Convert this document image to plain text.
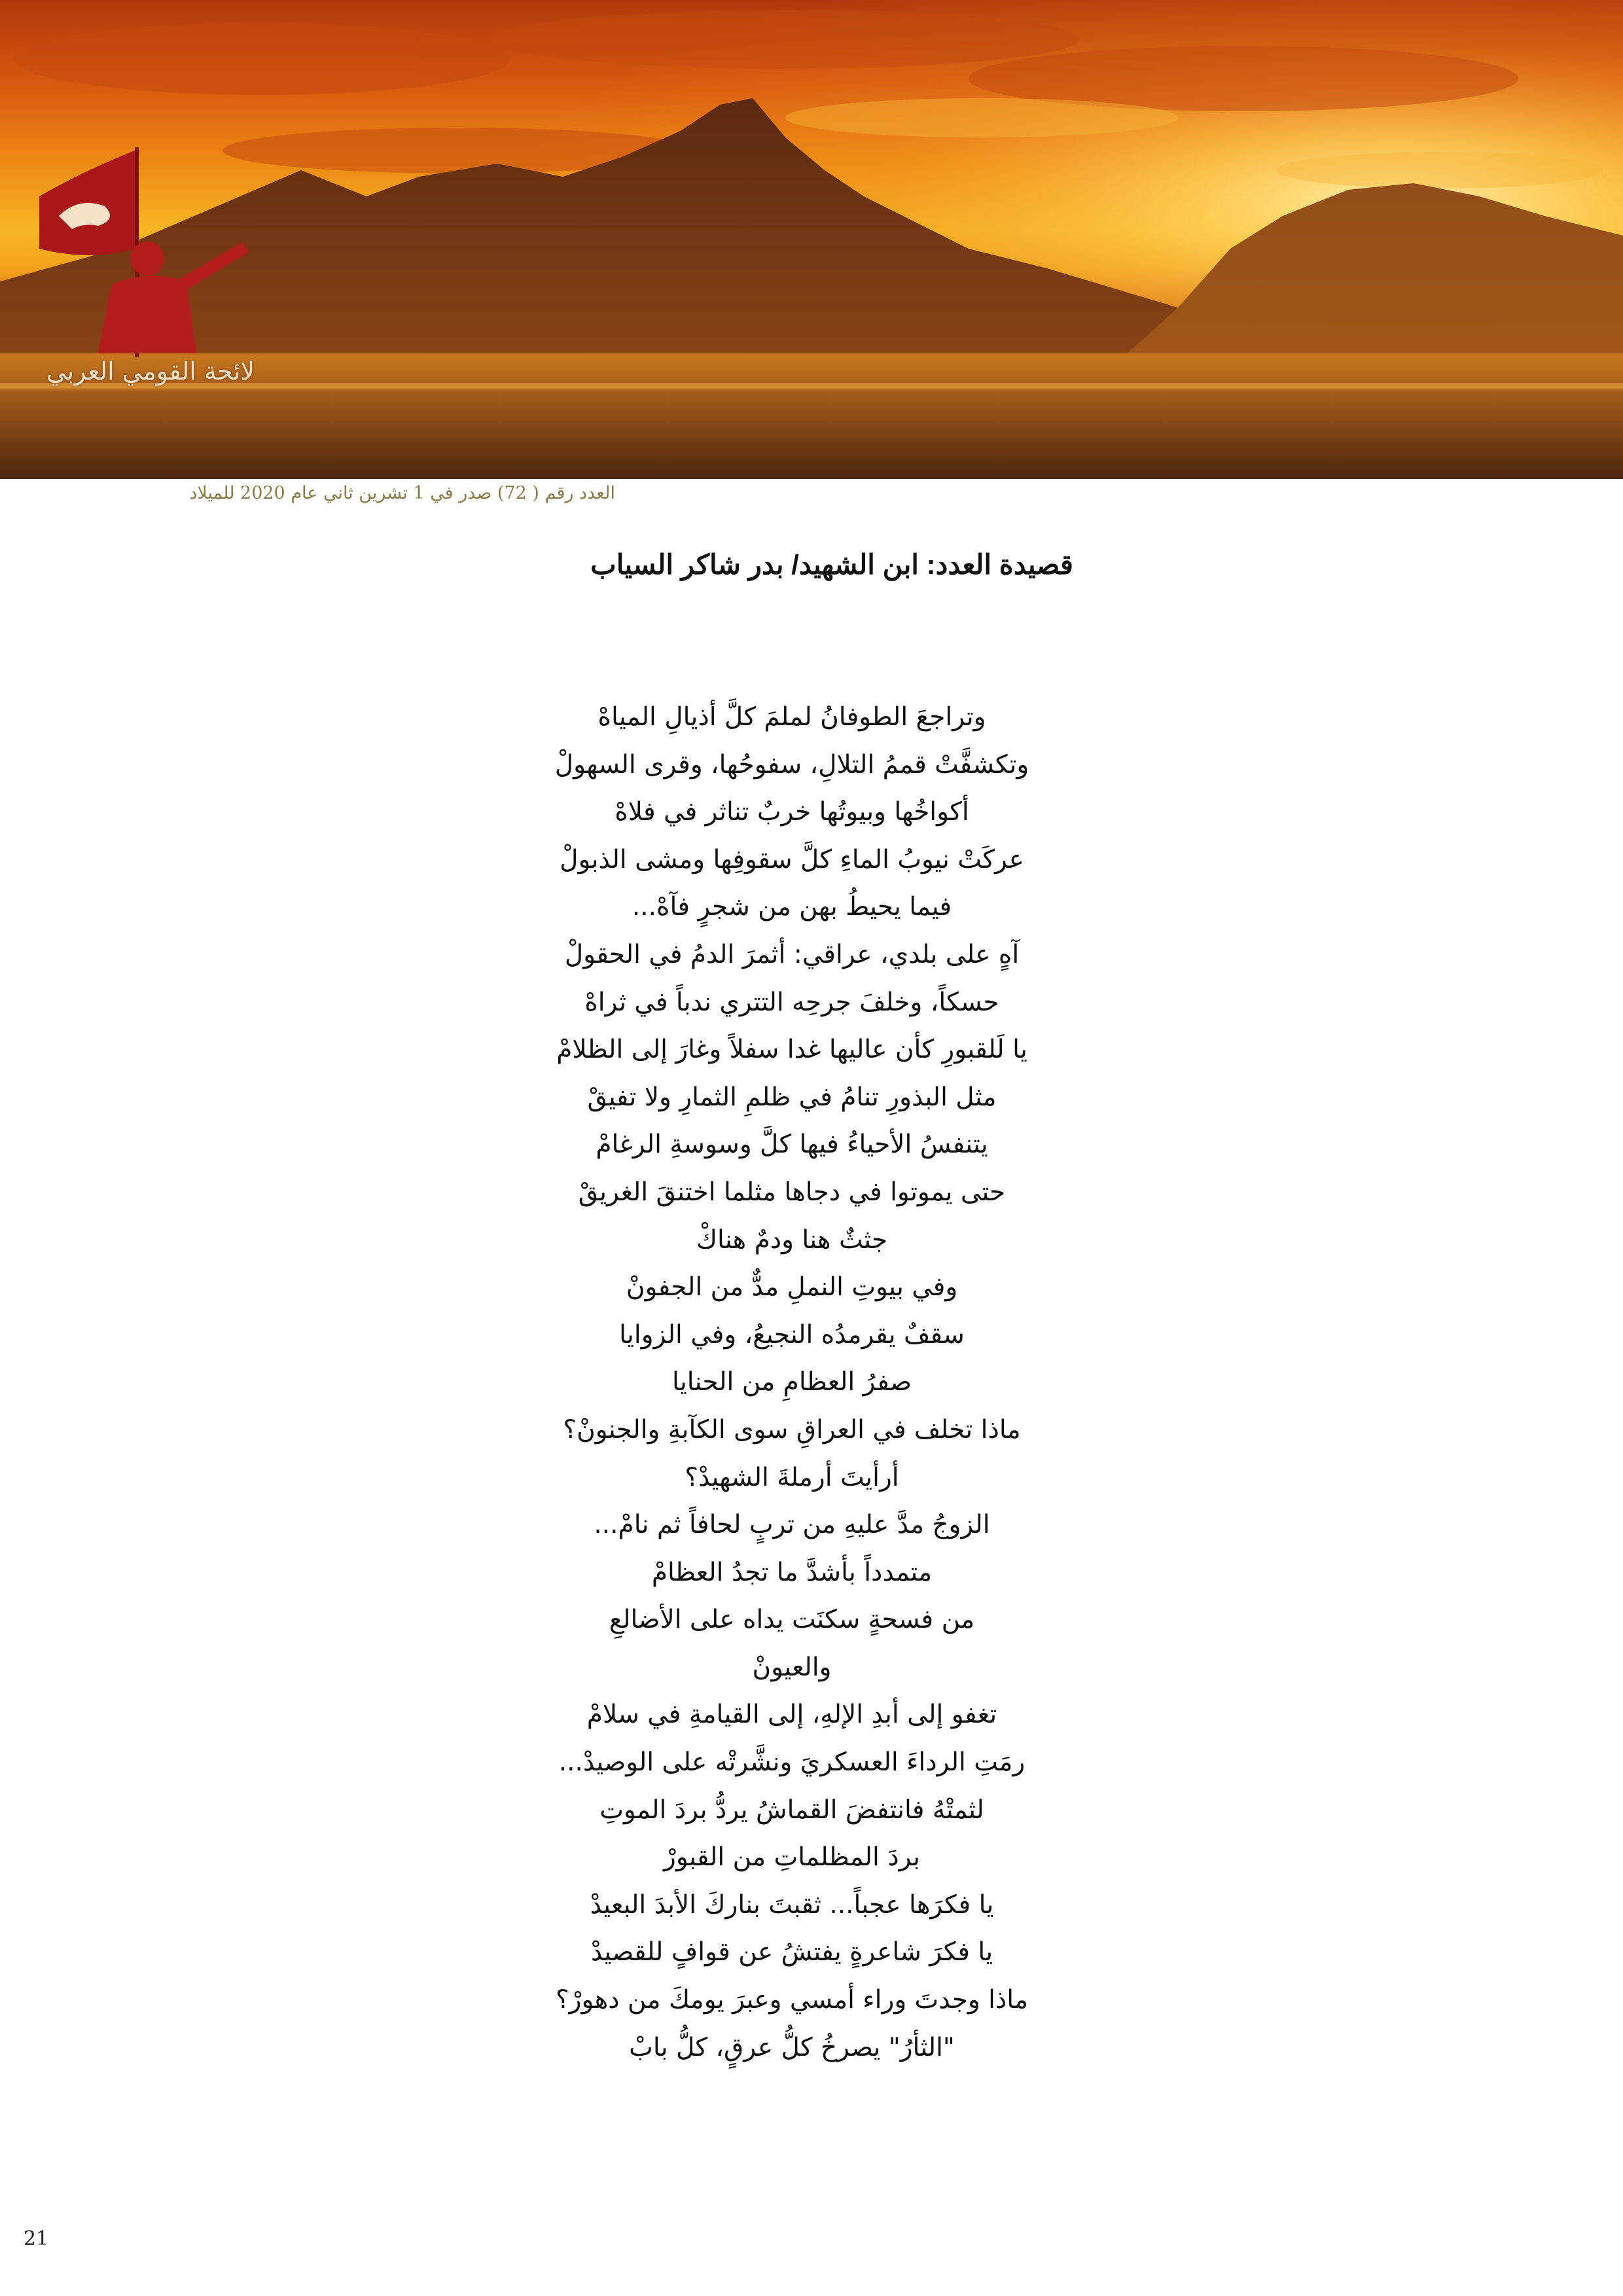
لائحة القومي العربي
العدد رقم ( 72) صدر في 1 تشرين ثاني عام 2020 للميلاد
قصيدة العدد: ابن الشهيد/ بدر شاكر السياب
وتراجعَ الطوفانُ لملمَ كلَّ أذيالِ المياهْ
وتكشفَّتْ قممُ التلالِ، سفوحُها، وقرى السهولْ
أكواخُها وبيوتُها خربٌ تناثر في فلاهْ
عركَتْ نيوبُ الماءِ كلَّ سقوفِها ومشى الذبولْ
فيما يحيطُ بهن من شجرٍ فآهْ...
آهٍ على بلدي، عراقي: أثمرَ الدمُ في الحقولْ
حسكاً، وخلفَ جرحِه التتري ندباً في ثراهْ
يا لَلقبورِ كأن عاليها غدا سفلاً وغارَ إلى الظلامْ
مثل البذورِ تنامُ في ظلمِ الثمارِ ولا تفيقْ
يتنفسُ الأحياءُ فيها كلَّ وسوسةِ الرغامْ
حتى يموتوا في دجاها مثلما اختنقَ الغريقْ
جثثٌ هنا ودمٌ هناكْ
وفي بيوتِ النملِ مدٌّ من الجفونْ
سقفٌ يقرمدُه النجيعُ، وفي الزوايا
صفرُ العظامِ من الحنايا
ماذا تخلف في العراقِ سوى الكآبةِ والجنونْ؟
أرأيتَ أرملةَ الشهيدْ؟
الزوجُ مدَّ عليهِ من تربٍ لحافاً ثم نامْ...
متمدداً بأشدَّ ما تجدُ العظامْ
من فسحةٍ سكنَت يداه على الأضالعِ
والعيونْ
تغفو إلى أبدِ الإلهِ، إلى القيامةِ في سلامْ
رمَتِ الرداءَ العسكريَ ونشَّرتْه على الوصيدْ...
لثمتْهُ فانتفضَ القماشُ يردُّ بردَ الموتِ
بردَ المظلماتِ من القبورْ
يا فكرَها عجباً... ثقبتَ بناركَ الأبدَ البعيدْ
يا فكرَ شاعرةٍ يفتشُ عن قوافٍ للقصيدْ
ماذا وجدتَ وراء أمسي وعبرَ يومكَ من دهورْ؟
"الثأرُ" يصرخُ كلُّ عرقٍ، كلُّ بابْ
21
